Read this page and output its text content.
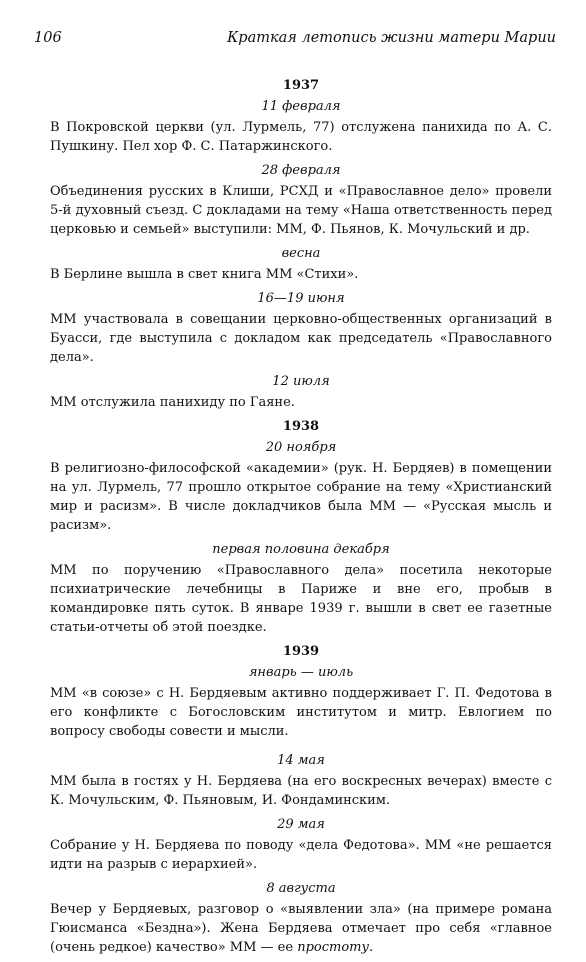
106	Краткая летопись жизни матери Марии
1937
11 февраля
В Покровской церкви (ул. Лурмель, 77) отслужена панихида по А. С. Пушкину. Пел хор Ф. С. Патаржинского.
28 февраля
Объединения русских в Клиши, РСХД и «Православное дело» провели 5-й духовный съезд. С докладами на тему «Наша ответственность перед церковью и семьей» выступили: ММ, Ф. Пьянов, К. Мочульский и др.
весна
В Берлине вышла в свет книга ММ «Стихи».
16—19 июня
ММ участвовала в совещании церковно-общественных организаций в Буасси, где выступила с докладом как председатель «Православного дела».
12 июля
ММ отслужила панихиду по Гаяне.
1938
20 ноября
В религиозно-философской «академии» (рук. Н. Бердяев) в помещении на ул. Лурмель, 77 прошло открытое собрание на тему «Христианский мир и расизм». В числе докладчиков была ММ — «Русская мысль и расизм».
первая половина декабря
ММ по поручению «Православного дела» посетила некоторые психиатрические лечебницы в Париже и вне его, пробыв в командировке пять суток. В январе 1939 г. вышли в свет ее газетные статьи-отчеты об этой поездке.
1939
январь — июль
ММ «в союзе» с Н. Бердяевым активно поддерживает Г. П. Федотова в его конфликте с Богословским институтом и митр. Евлогием по вопросу свободы совести и мысли.
14 мая
ММ была в гостях у Н. Бердяева (на его воскресных вечерах) вместе с К. Мочульским, Ф. Пьяновым, И. Фондаминским.
29 мая
Собрание у Н. Бердяева по поводу «дела Федотова». ММ «не решается идти на разрыв с иерархией».
8 августа
Вечер у Бердяевых, разговор о «выявлении зла» (на примере романа Гюисманса «Бездна»). Жена Бердяева отмечает про себя «главное (очень редкое) качество» ММ — ее простоту.
